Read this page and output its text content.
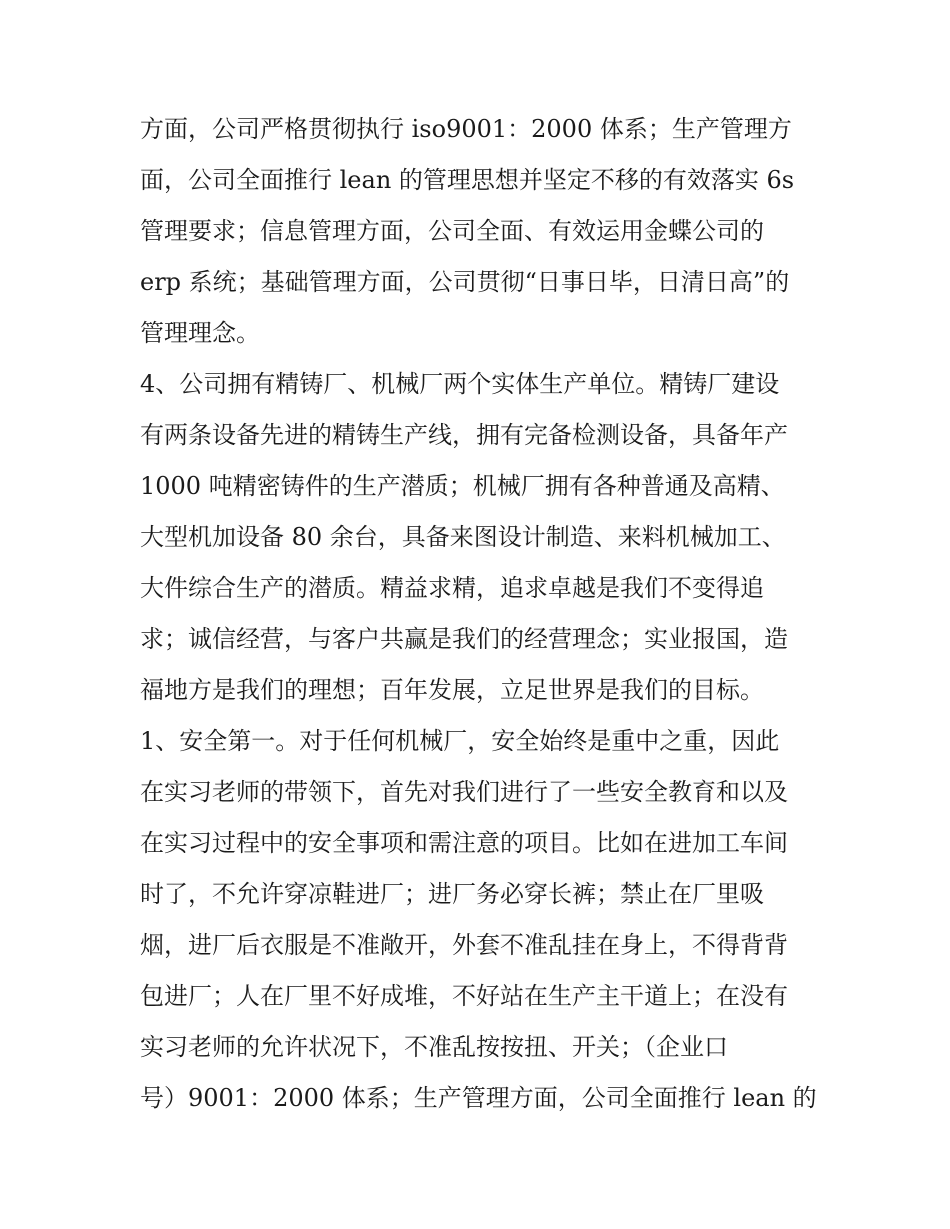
方面，公司严格贯彻执行 iso9001：2000 体系；生产管理方
面，公司全面推行 lean 的管理思想并坚定不移的有效落实 6s
管理要求；信息管理方面，公司全面、有效运用金蝶公司的
erp 系统；基础管理方面，公司贯彻“日事日毕，日清日高”的
管理理念。
4、公司拥有精铸厂、机械厂两个实体生产单位。精铸厂建设
有两条设备先进的精铸生产线，拥有完备检测设备，具备年产
1000 吨精密铸件的生产潜质；机械厂拥有各种普通及高精、
大型机加设备 80 余台，具备来图设计制造、来料机械加工、
大件综合生产的潜质。精益求精，追求卓越是我们不变得追
求；诚信经营，与客户共赢是我们的经营理念；实业报国，造
福地方是我们的理想；百年发展，立足世界是我们的目标。
1、安全第一。对于任何机械厂，安全始终是重中之重，因此
在实习老师的带领下，首先对我们进行了一些安全教育和以及
在实习过程中的安全事项和需注意的项目。比如在进加工车间
时了，不允许穿凉鞋进厂；进厂务必穿长裤；禁止在厂里吸
烟，进厂后衣服是不准敞开，外套不准乱挂在身上，不得背背
包进厂；人在厂里不好成堆，不好站在生产主干道上；在没有
实习老师的允许状况下，不准乱按按扭、开关；（企业口
号）9001：2000 体系；生产管理方面，公司全面推行 lean 的
